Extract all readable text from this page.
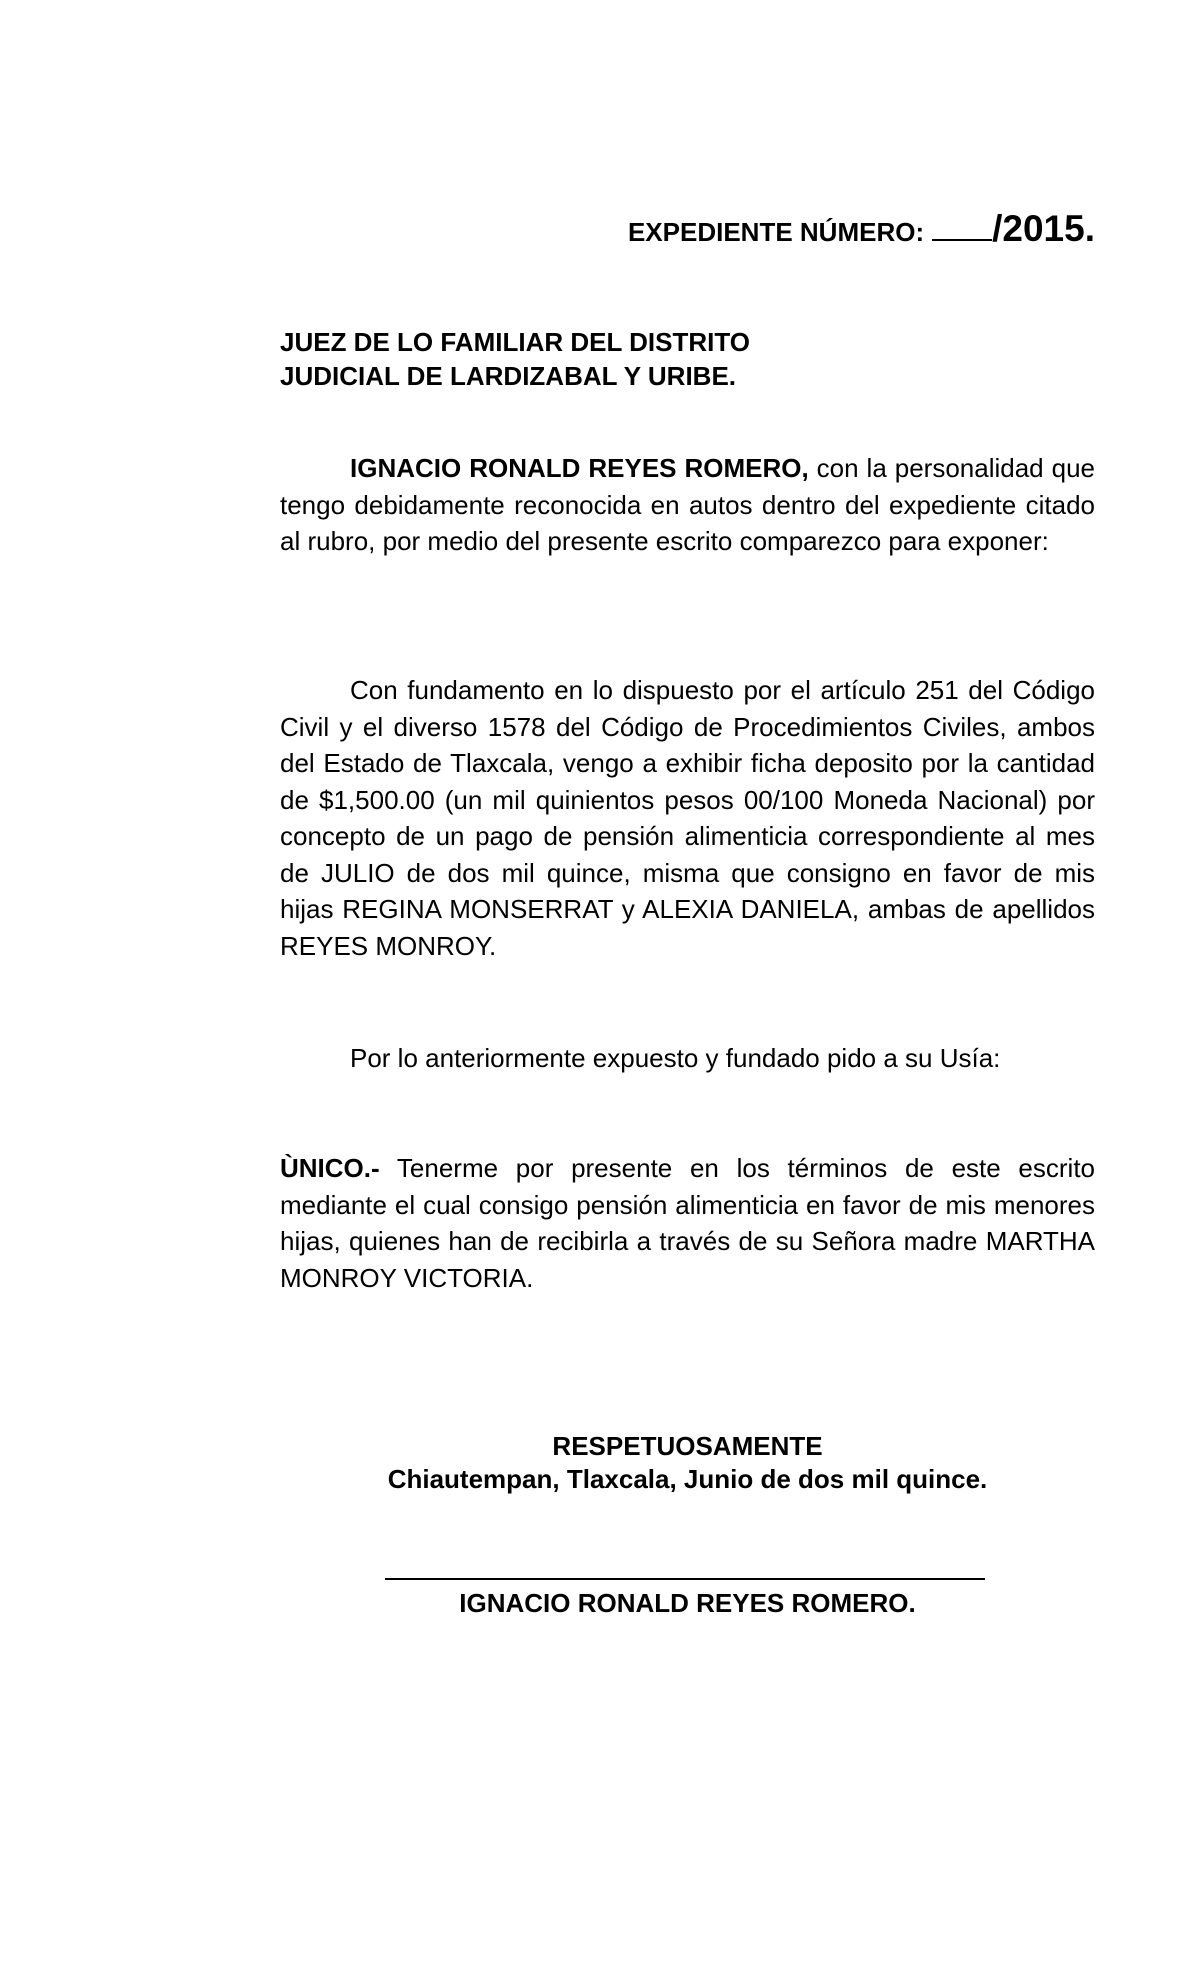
EXPEDIENTE NÚMERO: /2015.
JUEZ DE LO FAMILIAR DEL DISTRITO
JUDICIAL DE LARDIZABAL Y URIBE.
IGNACIO RONALD REYES ROMERO, con la personalidad que tengo debidamente reconocida en autos dentro del expediente citado al rubro, por medio del presente escrito comparezco para exponer:
Con fundamento en lo dispuesto por el artículo 251 del Código Civil y el diverso 1578 del Código de Procedimientos Civiles, ambos del Estado de Tlaxcala, vengo a exhibir ficha deposito por la cantidad de $1,500.00 (un mil quinientos pesos 00/100 Moneda Nacional) por concepto de un pago de pensión alimenticia correspondiente al mes de JULIO de dos mil quince, misma que consigno en favor de mis hijas REGINA MONSERRAT y ALEXIA DANIELA, ambas de apellidos REYES MONROY.
Por lo anteriormente expuesto y fundado pido a su Usía:
ÙNICO.- Tenerme por presente en los términos de este escrito mediante el cual consigo pensión alimenticia en favor de mis menores hijas, quienes han de recibirla a través de su Señora madre MARTHA MONROY VICTORIA.
RESPETUOSAMENTE
Chiautempan, Tlaxcala, Junio de dos mil quince.
IGNACIO RONALD REYES ROMERO.
